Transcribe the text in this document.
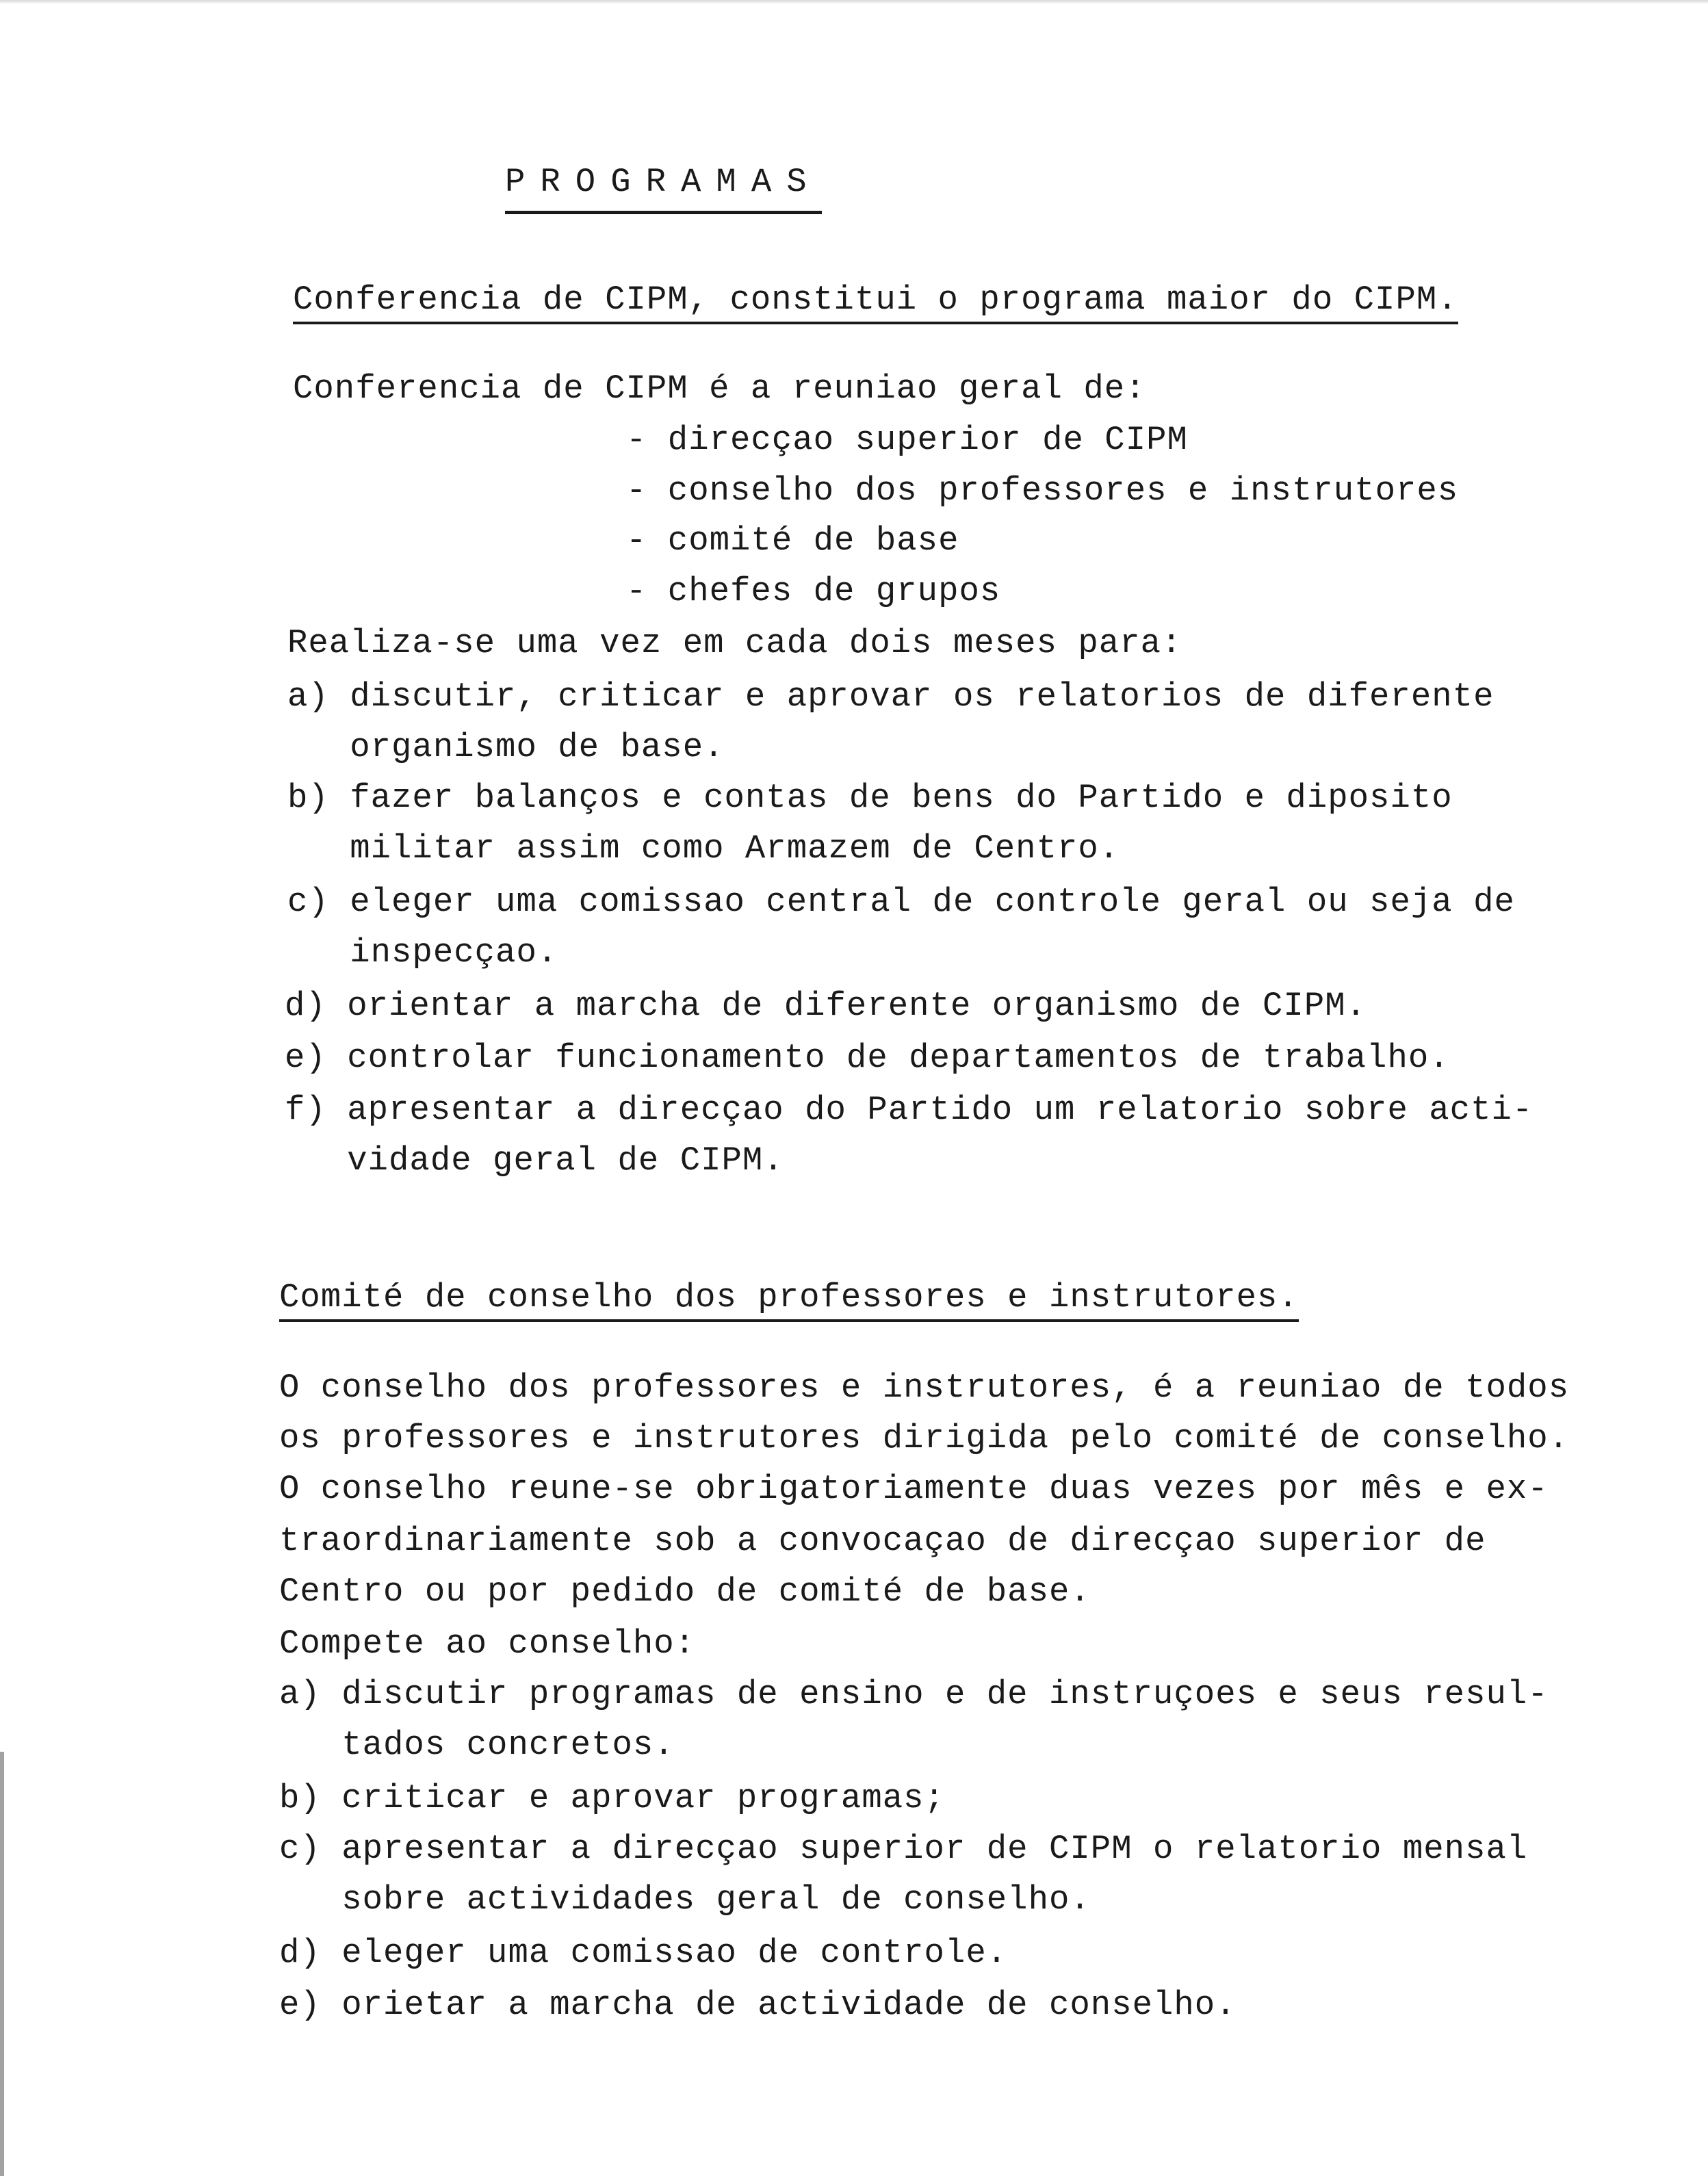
PROGRAMAS
Conferencia de CIPM, constitui o programa maior do CIPM.
Conferencia de CIPM é a reuniao geral de:
- direcçao superior de CIPM
- conselho dos professores e instrutores
- comité de base
- chefes de grupos
Realiza-se uma vez em cada dois meses para:
a) discutir, criticar e aprovar os relatorios de diferente
organismo de base.
b) fazer balanços e contas de bens do Partido e diposito
militar assim como Armazem de Centro.
c) eleger uma comissao central de controle geral ou seja de
inspecçao.
d) orientar a marcha de diferente organismo de CIPM.
e) controlar funcionamento de departamentos de trabalho.
f) apresentar a direcçao do Partido um relatorio sobre acti-
vidade geral de CIPM.
Comité de conselho dos professores e instrutores.
O conselho dos professores e instrutores, é a reuniao de todos
os professores e instrutores dirigida pelo comité de conselho.
O conselho reune-se obrigatoriamente duas vezes por mês e ex-
traordinariamente sob a convocaçao de direcçao superior de
Centro ou por pedido de comité de base.
Compete ao conselho:
a) discutir programas de ensino e de instruçoes e seus resul-
tados concretos.
b) criticar e aprovar programas;
c) apresentar a direcçao superior de CIPM o relatorio mensal
sobre actividades geral de conselho.
d) eleger uma comissao de controle.
e) orietar a marcha de actividade de conselho.
